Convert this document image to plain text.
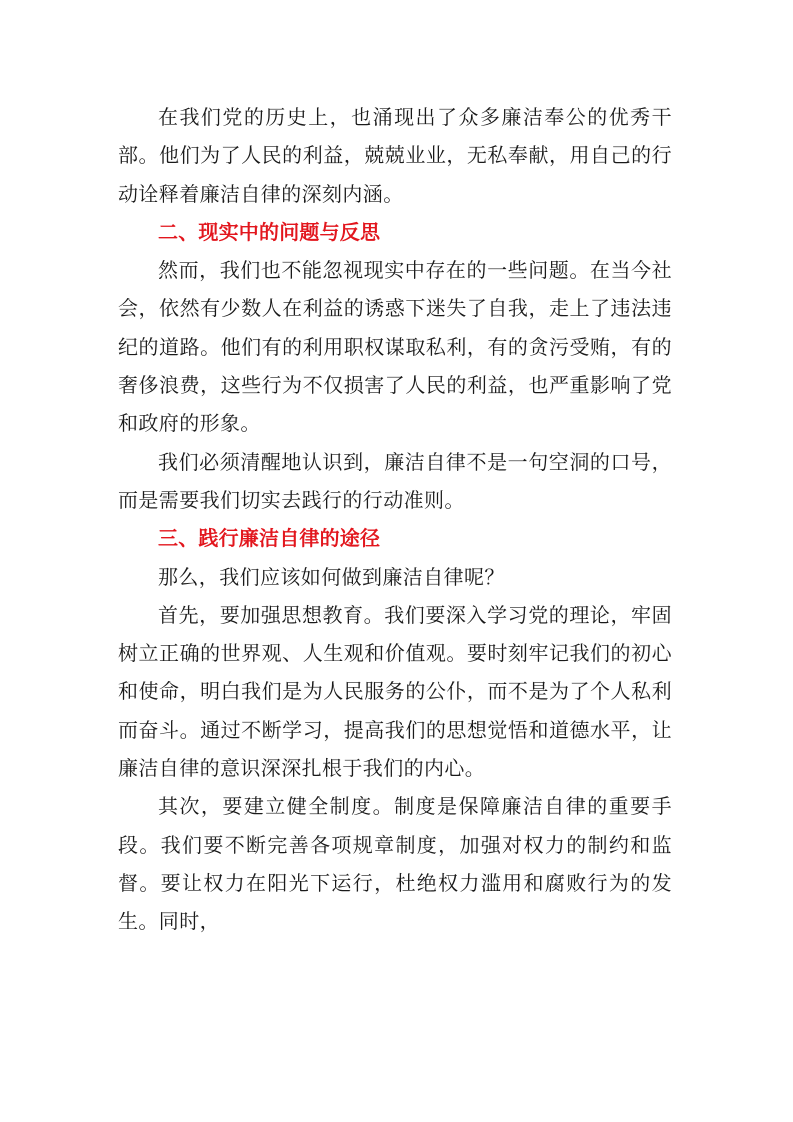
在我们党的历史上，也涌现出了众多廉洁奉公的优秀干部。他们为了人民的利益，兢兢业业，无私奉献，用自己的行动诠释着廉洁自律的深刻内涵。

二、现实中的问题与反思

然而，我们也不能忽视现实中存在的一些问题。在当今社会，依然有少数人在利益的诱惑下迷失了自我，走上了违法违纪的道路。他们有的利用职权谋取私利，有的贪污受贿，有的奢侈浪费，这些行为不仅损害了人民的利益，也严重影响了党和政府的形象。

我们必须清醒地认识到，廉洁自律不是一句空洞的口号，而是需要我们切实去践行的行动准则。

三、践行廉洁自律的途径

那么，我们应该如何做到廉洁自律呢？

首先，要加强思想教育。我们要深入学习党的理论，牢固树立正确的世界观、人生观和价值观。要时刻牢记我们的初心和使命，明白我们是为人民服务的公仆，而不是为了个人私利而奋斗。通过不断学习，提高我们的思想觉悟和道德水平，让廉洁自律的意识深深扎根于我们的内心。

其次，要建立健全制度。制度是保障廉洁自律的重要手段。我们要不断完善各项规章制度，加强对权力的制约和监督。要让权力在阳光下运行，杜绝权力滥用和腐败行为的发生。同时，
